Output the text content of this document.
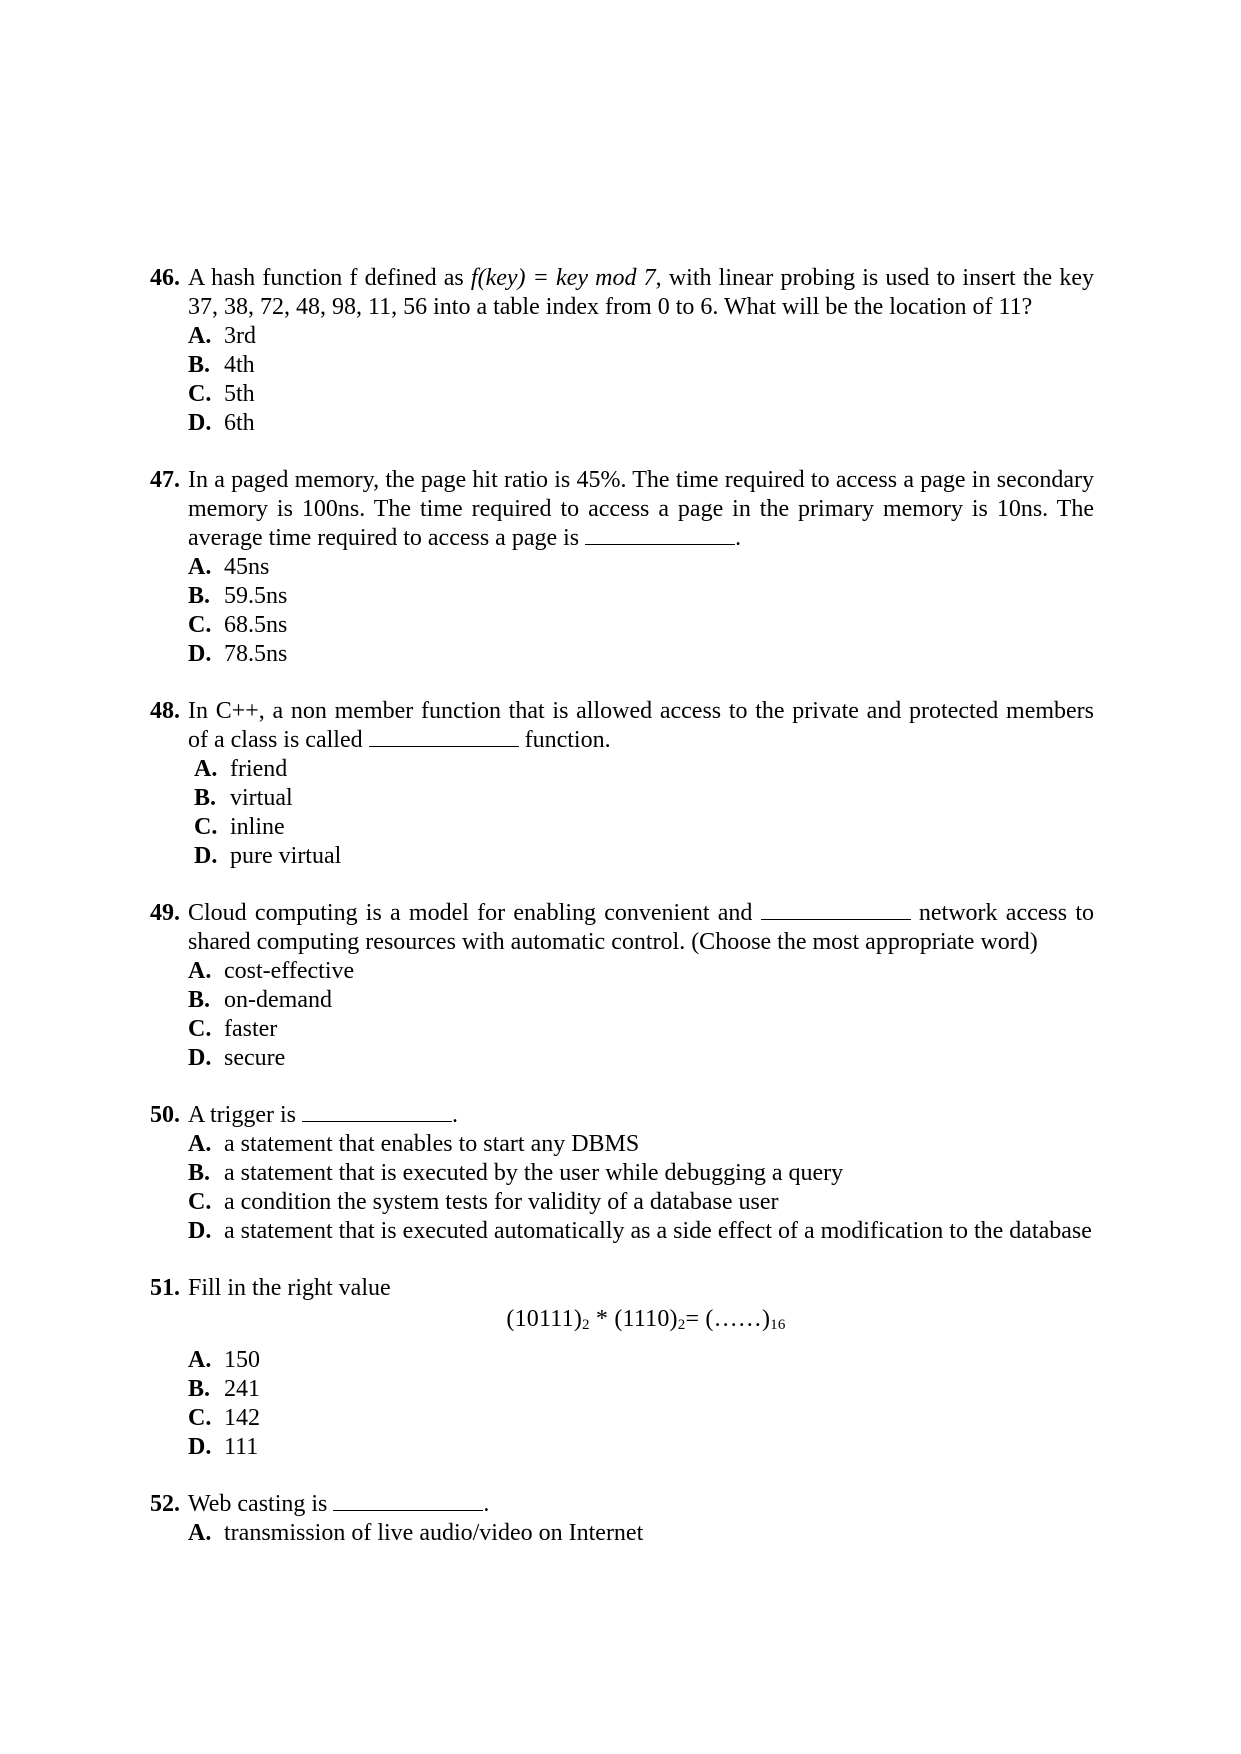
46. A hash function f defined as f(key) = key mod 7, with linear probing is used to insert the key 37, 38, 72, 48, 98, 11, 56 into a table index from 0 to 6. What will be the location of 11?
A. 3rd
B. 4th
C. 5th
D. 6th
47. In a paged memory, the page hit ratio is 45%. The time required to access a page in secondary memory is 100ns. The time required to access a page in the primary memory is 10ns. The average time required to access a page is	.
A. 45ns
B. 59.5ns
C. 68.5ns
D. 78.5ns
48. In C++, a non member function that is allowed access to the private and protected members of a class is called	function.
A. friend
B. virtual
C. inline
D. pure virtual
49. Cloud computing is a model for enabling convenient and	network access to shared computing resources with automatic control. (Choose the most appropriate word)
A. cost-effective
B. on-demand
C. faster
D. secure
50. A trigger is	.
A. a statement that enables to start any DBMS
B. a statement that is executed by the user while debugging a query
C. a condition the system tests for validity of a database user
D. a statement that is executed automatically as a side effect of a modification to the database
51. Fill in the right value
$(10111)_2 * (1110)_2=$ $(\dots\dots)_{16}$
A. 150
B. 241
C. 142
D. 111
52. Web casting is	.
A. transmission of live audio/video on Internet
